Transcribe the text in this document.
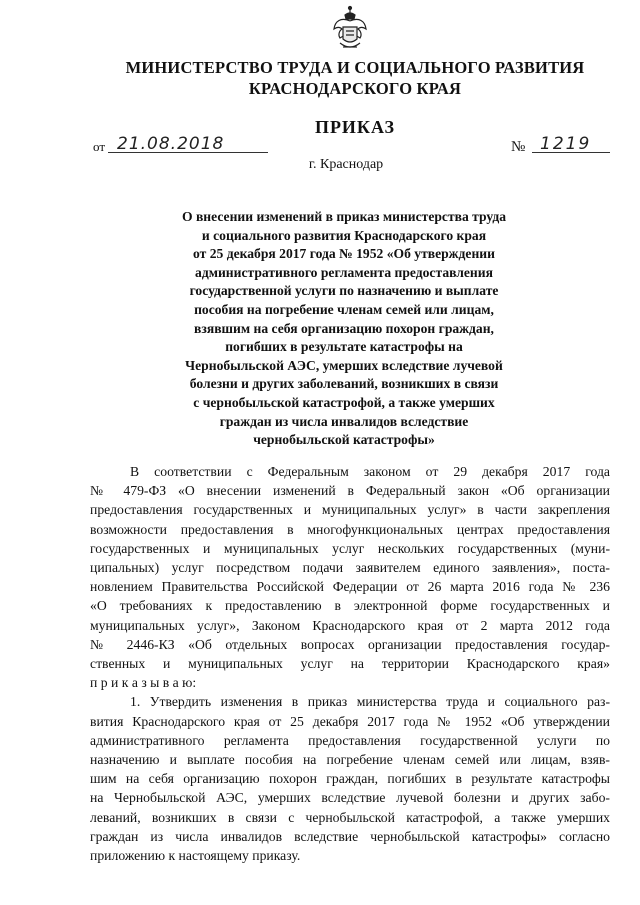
МИНИСТЕРСТВО ТРУДА И СОЦИАЛЬНОГО РАЗВИТИЯ
КРАСНОДАРСКОГО КРАЯ
ПРИКАЗ
от 21.08.2018	№ 1219
г. Краснодар
О внесении изменений в приказ министерства труда
и социального развития Краснодарского края
от 25 декабря 2017 года № 1952 «Об утверждении
административного регламента предоставления
государственной услуги по назначению и выплате
пособия на погребение членам семей или лицам,
взявшим на себя организацию похорон граждан,
погибших в результате катастрофы на
Чернобыльской АЭС, умерших вследствие лучевой
болезни и других заболеваний, возникших в связи
с чернобыльской катастрофой, а также умерших
граждан из числа инвалидов вследствие
чернобыльской катастрофы»
В соответствии с Федеральным законом от 29 декабря 2017 года
№ 479-ФЗ «О внесении изменений в Федеральный закон «Об организации
предоставления государственных и муниципальных услуг» в части закрепления
возможности предоставления в многофункциональных центрах предоставления
государственных и муниципальных услуг нескольких государственных (муни-
ципальных) услуг посредством подачи заявителем единого заявления», поста-
новлением Правительства Российской Федерации от 26 марта 2016 года № 236
«О требованиях к предоставлению в электронной форме государственных и
муниципальных услуг», Законом Краснодарского края от 2 марта 2012 года
№ 2446-КЗ «Об отдельных вопросах организации предоставления государ-
ственных и муниципальных услуг на территории Краснодарского края»
п р и к а з ы в а ю:
1. Утвердить изменения в приказ министерства труда и социального раз-
вития Краснодарского края от 25 декабря 2017 года № 1952 «Об утверждении
административного регламента предоставления государственной услуги по
назначению и выплате пособия на погребение членам семей или лицам, взяв-
шим на себя организацию похорон граждан, погибших в результате катастрофы
на Чернобыльской АЭС, умерших вследствие лучевой болезни и других забо-
леваний, возникших в связи с чернобыльской катастрофой, а также умерших
граждан из числа инвалидов вследствие чернобыльской катастрофы» согласно
приложению к настоящему приказу.
